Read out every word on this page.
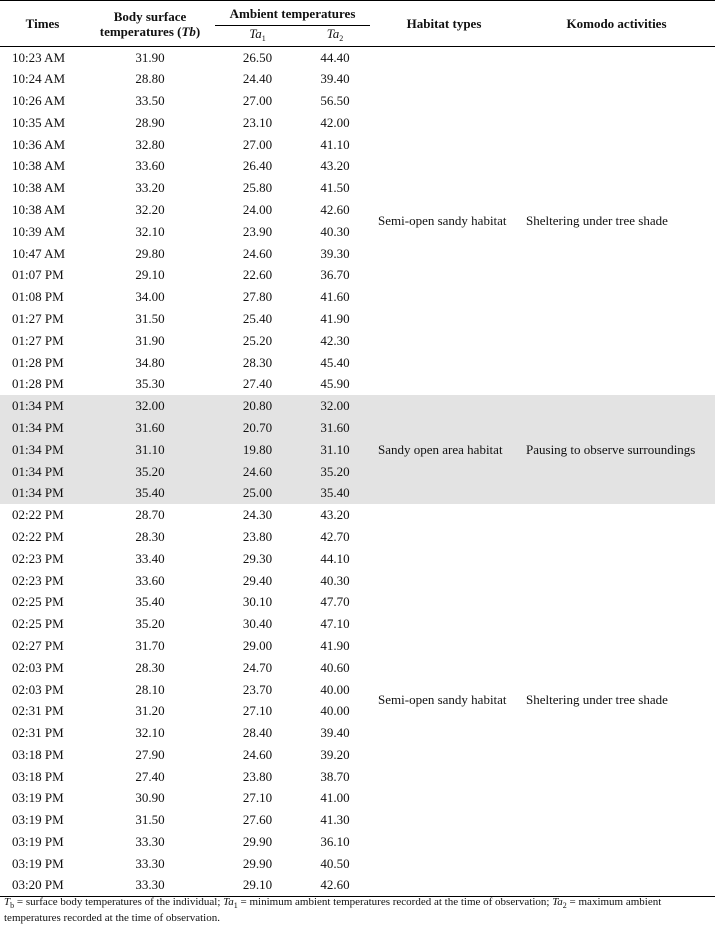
Times	Body surface
temperatures (Tb)	Ambient temperatures		Habitat types	Komodo activities
		$Ta_1$	$Ta_2$
10:23 AM	31.90	26.50	44.40	Semi-open sandy habitat	Sheltering under tree shade
10:24 AM	28.80	24.40	39.40		
10:26 AM	33.50	27.00	56.50		
10:35 AM	28.90	23.10	42.00		
10:36 AM	32.80	27.00	41.10		
10:38 AM	33.60	26.40	43.20		
10:38 AM	33.20	25.80	41.50		
10:38 AM	32.20	24.00	42.60		
10:39 AM	32.10	23.90	40.30		
10:47 AM	29.80	24.60	39.30		
01:07 PM	29.10	22.60	36.70		
01:08 PM	34.00	27.80	41.60		
01:27 PM	31.50	25.40	41.90		
01:27 PM	31.90	25.20	42.30		
01:28 PM	34.80	28.30	45.40		
01:28 PM	35.30	27.40	45.90		
01:34 PM	32.00	20.80	32.00	Sandy open area habitat	Pausing to observe surroundings
01:34 PM	31.60	20.70	31.60		
01:34 PM	31.10	19.80	31.10		
01:34 PM	35.20	24.60	35.20		
01:34 PM	35.40	25.00	35.40		
02:22 PM	28.70	24.30	43.20	Semi-open sandy habitat	Sheltering under tree shade
02:22 PM	28.30	23.80	42.70		
02:23 PM	33.40	29.30	44.10		
02:23 PM	33.60	29.40	40.30		
02:25 PM	35.40	30.10	47.70		
02:25 PM	35.20	30.40	47.10		
02:27 PM	31.70	29.00	41.90		
02:03 PM	28.30	24.70	40.60		
02:03 PM	28.10	23.70	40.00		
02:31 PM	31.20	27.10	40.00		
02:31 PM	32.10	28.40	39.40		
03:18 PM	27.90	24.60	39.20		
03:18 PM	27.40	23.80	38.70		
03:19 PM	30.90	27.10	41.00		
03:19 PM	31.50	27.60	41.30		
03:19 PM	33.30	29.90	36.10		
03:19 PM	33.30	29.90	40.50		
03:20 PM	33.30	29.10	42.60		
$T_b$ = surface body temperatures of the individual; $Ta_1$ = minimum ambient temperatures recorded at the time of observation; $Ta_2$ = maximum ambient temperatures recorded at the time of observation.
